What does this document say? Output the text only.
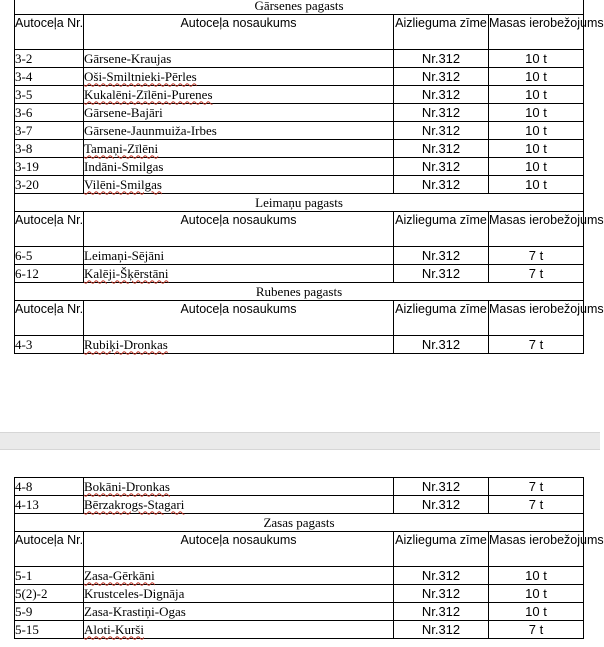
Gārsenes pagasts			
Autoceļa Nr.	Autoceļa nosaukums	Aizlieguma zīme	Masas ierobežojums
3-2	Gārsene-Kraujas	Nr.312	10 t
3-4	Oši-Smiltnieki-Pērles	Nr.312	10 t
3-5	Kukalēni-Zīlēni-Purenes	Nr.312	10 t
3-6	Gārsene-Bajāri	Nr.312	10 t
3-7	Gārsene-Jaunmuiža-Irbes	Nr.312	10 t
3-8	Tamaņi-Zīlēni	Nr.312	10 t
3-19	Indāni-Smilgas	Nr.312	10 t
3-20	Vilēni-Smilgas	Nr.312	10 t
Leimaņu pagasts			
Autoceļa Nr.	Autoceļa nosaukums	Aizlieguma zīme	Masas ierobežojums
6-5	Leimaņi-Sējāni	Nr.312	7 t
6-12	Kalēji-Šķērstāni	Nr.312	7 t
Rubenes pagasts			
Autoceļa Nr.	Autoceļa nosaukums	Aizlieguma zīme	Masas ierobežojums
4-3	Rubiķi-Dronkas	Nr.312	7 t
4-8	Bokāni-Dronkas	Nr.312	7 t
4-13	Bērzakrogs-Stagari	Nr.312	7 t
Zasas pagasts			
Autoceļa Nr.	Autoceļa nosaukums	Aizlieguma zīme	Masas ierobežojums
5-1	Zasa-Gērkāni	Nr.312	10 t
5(2)-2	Krustceles-Dignāja	Nr.312	10 t
5-9	Zasa-Krastiņi-Ogas	Nr.312	10 t
5-15	Aloti-Kurši	Nr.312	7 t
